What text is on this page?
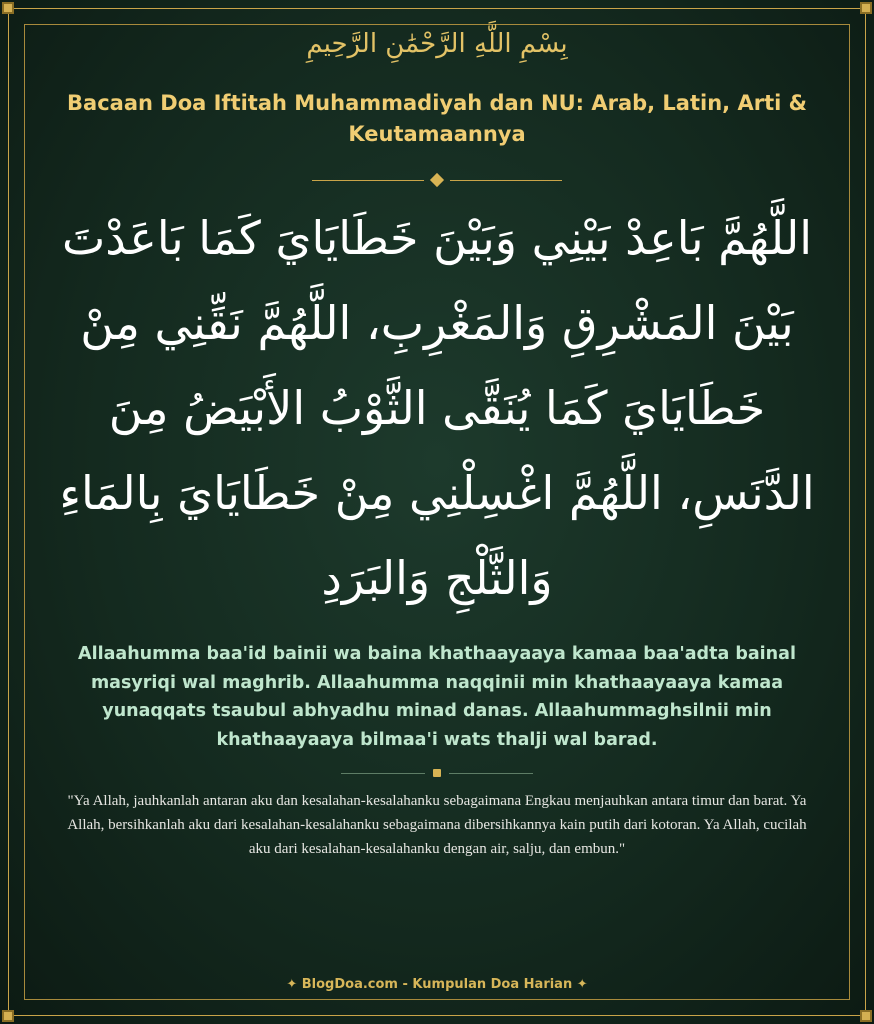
بِسْمِ اللَّهِ الرَّحْمَٰنِ الرَّحِيمِ
Bacaan Doa Iftitah Muhammadiyah dan NU: Arab, Latin, Arti & Keutamaannya
اللَّهُمَّ بَاعِدْ بَيْنِي وَبَيْنَ خَطَايَايَ كَمَا بَاعَدْتَ بَيْنَ المَشْرِقِ وَالمَغْرِبِ، اللَّهُمَّ نَقِّنِي مِنْ خَطَايَايَ كَمَا يُنَقَّى الثَّوْبُ الأَبْيَضُ مِنَ الدَّنَسِ، اللَّهُمَّ اغْسِلْنِي مِنْ خَطَايَايَ بِالمَاءِ وَالثَّلْجِ وَالبَرَدِ
Allaahumma baa'id bainii wa baina khathaayaaya kamaa baa'adta bainal masyriqi wal maghrib. Allaahumma naqqinii min khathaayaaya kamaa yunaqqats tsaubul abhyadhu minad danas. Allaahummaghsilnii min khathaayaaya bilmaa'i wats thalji wal barad.
"Ya Allah, jauhkanlah antaran aku dan kesalahan-kesalahanku sebagaimana Engkau menjauhkan antara timur dan barat. Ya Allah, bersihkanlah aku dari kesalahan-kesalahanku sebagaimana dibersihkannya kain putih dari kotoran. Ya Allah, cucilah aku dari kesalahan-kesalahanku dengan air, salju, dan embun."
✦ BlogDoa.com - Kumpulan Doa Harian ✦
